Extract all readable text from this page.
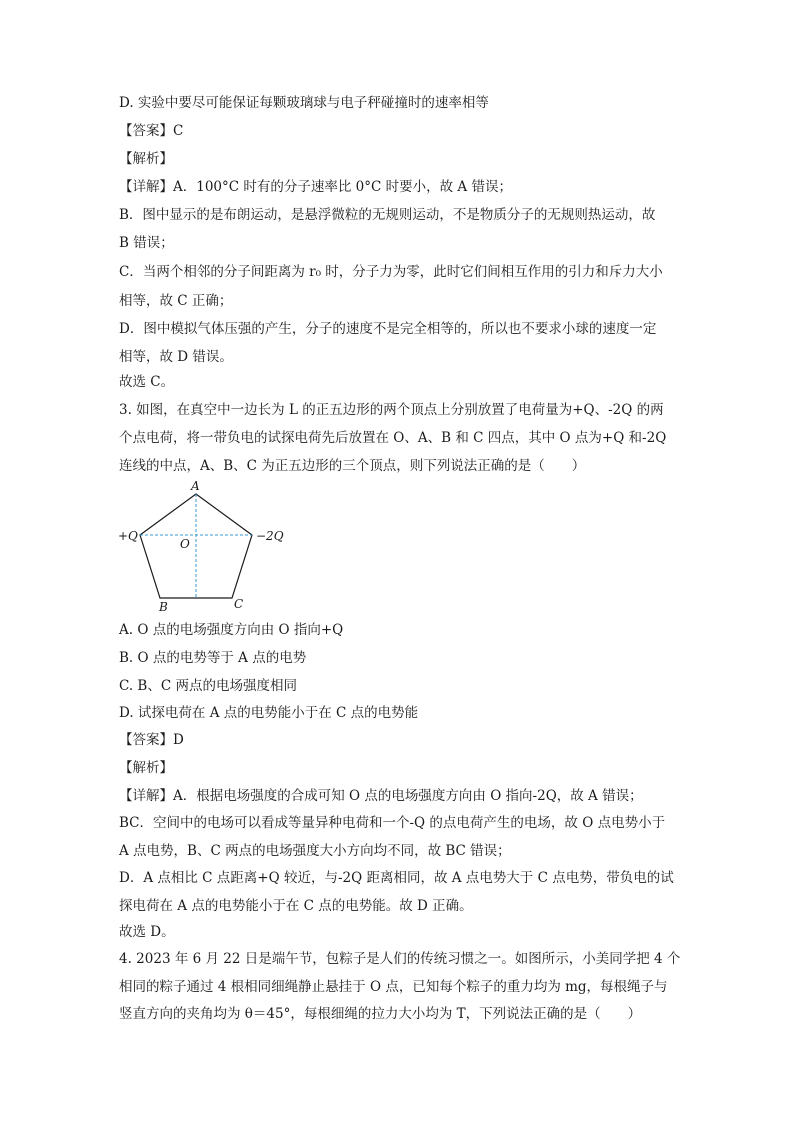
D. 实验中要尽可能保证每颗玻璃球与电子秤碰撞时的速率相等
【答案】C
【解析】
【详解】A．100°C 时有的分子速率比 0°C 时要小，故 A 错误；
B．图中显示的是布朗运动，是悬浮微粒的无规则运动，不是物质分子的无规则热运动，故
B 错误；
C．当两个相邻的分子间距离为 r₀ 时，分子力为零，此时它们间相互作用的引力和斥力大小
相等，故 C 正确；
D．图中模拟气体压强的产生，分子的速度不是完全相等的，所以也不要求小球的速度一定
相等，故 D 错误。
故选 C。
3. 如图，在真空中一边长为 L 的正五边形的两个顶点上分别放置了电荷量为+Q、-2Q 的两
个点电荷，将一带负电的试探电荷先后放置在 O、A、B 和 C 四点，其中 O 点为+Q 和-2Q
连线的中点，A、B、C 为正五边形的三个顶点，则下列说法正确的是（　　）
A
O
+Q	−2Q
B	C
A. O 点的电场强度方向由 O 指向+Q
B. O 点的电势等于 A 点的电势
C. B、C 两点的电场强度相同
D. 试探电荷在 A 点的电势能小于在 C 点的电势能
【答案】D
【解析】
【详解】A．根据电场强度的合成可知 O 点的电场强度方向由 O 指向-2Q，故 A 错误；
BC．空间中的电场可以看成等量异种电荷和一个-Q 的点电荷产生的电场，故 O 点电势小于
A 点电势，B、C 两点的电场强度大小方向均不同，故 BC 错误；
D．A 点相比 C 点距离+Q 较近，与-2Q 距离相同，故 A 点电势大于 C 点电势，带负电的试
探电荷在 A 点的电势能小于在 C 点的电势能。故 D 正确。
故选 D。
4. 2023 年 6 月 22 日是端午节，包粽子是人们的传统习惯之一。如图所示，小美同学把 4 个
相同的粽子通过 4 根相同细绳静止悬挂于 O 点，已知每个粽子的重力均为 mg，每根绳子与
竖直方向的夹角均为 θ＝45°，每根细绳的拉力大小均为 T，下列说法正确的是（　　）
